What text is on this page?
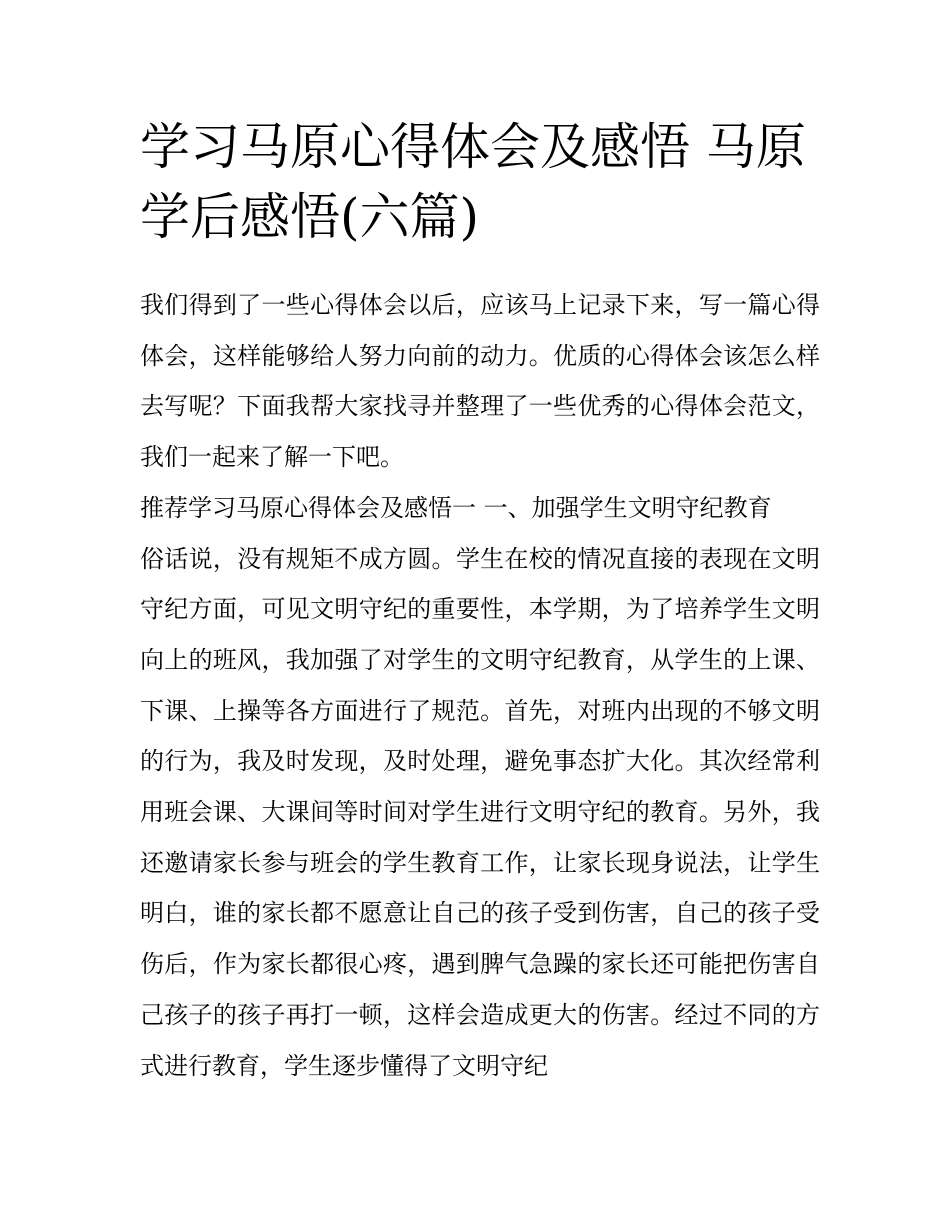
学习马原心得体会及感悟 马原学后感悟(六篇)

我们得到了一些心得体会以后，应该马上记录下来，写一篇心得体会，这样能够给人努力向前的动力。优质的心得体会该怎么样去写呢？下面我帮大家找寻并整理了一些优秀的心得体会范文，我们一起来了解一下吧。

推荐学习马原心得体会及感悟一 一、加强学生文明守纪教育

俗话说，没有规矩不成方圆。学生在校的情况直接的表现在文明守纪方面，可见文明守纪的重要性，本学期，为了培养学生文明向上的班风，我加强了对学生的文明守纪教育，从学生的上课、下课、上操等各方面进行了规范。首先，对班内出现的不够文明的行为，我及时发现，及时处理，避免事态扩大化。其次经常利用班会课、大课间等时间对学生进行文明守纪的教育。另外，我还邀请家长参与班会的学生教育工作，让家长现身说法，让学生明白，谁的家长都不愿意让自己的孩子受到伤害，自己的孩子受伤后，作为家长都很心疼，遇到脾气急躁的家长还可能把伤害自己孩子的孩子再打一顿，这样会造成更大的伤害。经过不同的方式进行教育，学生逐步懂得了文明守纪
